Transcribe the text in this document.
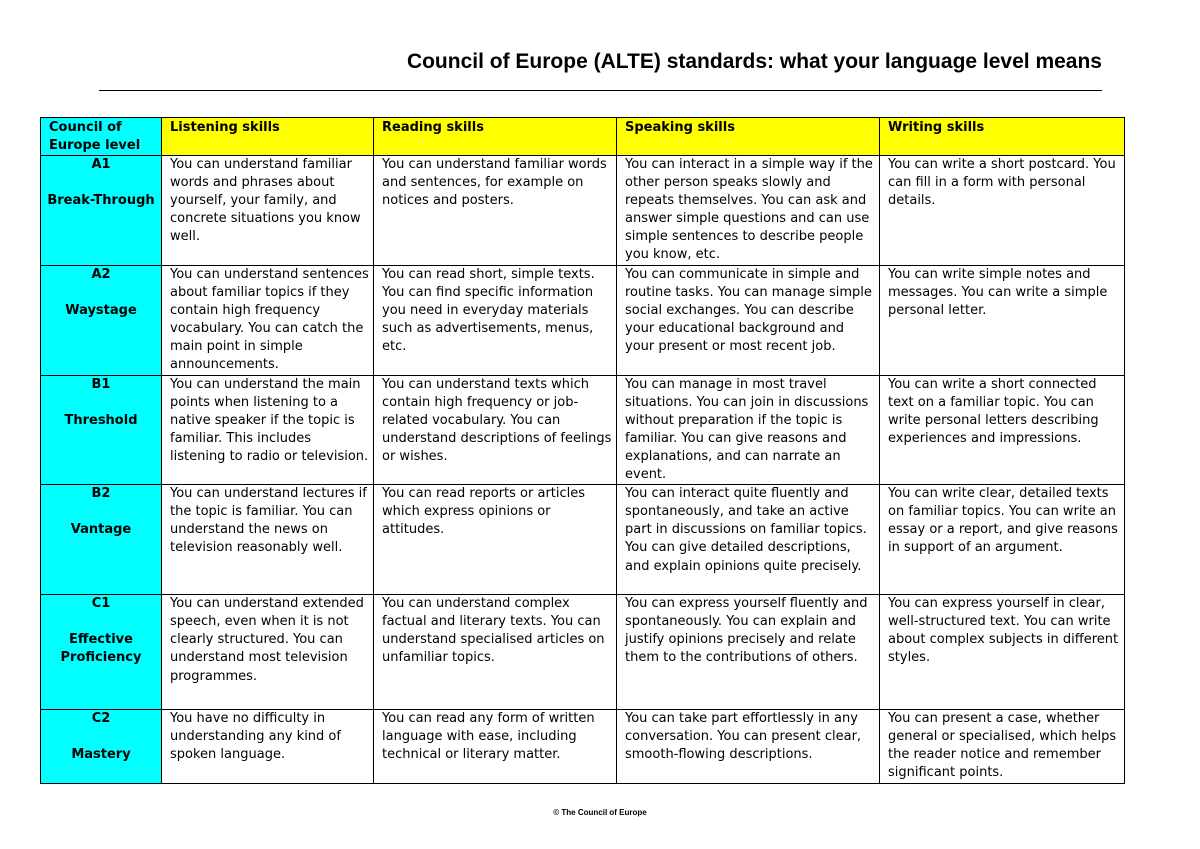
Council of Europe (ALTE) standards: what your language level means
Council of Europe level	Listening skills	Reading skills	Speaking skills	Writing skills

A1
Break-Through	You can understand familiar words and phrases about yourself, your family, and concrete situations you know well.	You can understand familiar words and sentences, for example on notices and posters.	You can interact in a simple way if the other person speaks slowly and repeats themselves. You can ask and answer simple questions and can use simple sentences to describe people you know, etc.	You can write a short postcard. You can fill in a form with personal details.

A2
Waystage	You can understand sentences about familiar topics if they contain high frequency vocabulary. You can catch the main point in simple announcements.	You can read short, simple texts. You can find specific information you need in everyday materials such as advertisements, menus, etc.	You can communicate in simple and routine tasks. You can manage simple social exchanges. You can describe your educational background and your present or most recent job.	You can write simple notes and messages. You can write a simple personal letter.

B1
Threshold	You can understand the main points when listening to a native speaker if the topic is familiar. This includes listening to radio or television.	You can understand texts which contain high frequency or job-related vocabulary. You can understand descriptions of feelings or wishes.	You can manage in most travel situations. You can join in discussions without preparation if the topic is familiar. You can give reasons and explanations, and can narrate an event.	You can write a short connected text on a familiar topic. You can write personal letters describing experiences and impressions.

B2
Vantage	You can understand lectures if the topic is familiar. You can understand the news on television reasonably well.	You can read reports or articles which express opinions or attitudes.	You can interact quite fluently and spontaneously, and take an active part in discussions on familiar topics. You can give detailed descriptions, and explain opinions quite precisely.	You can write clear, detailed texts on familiar topics. You can write an essay or a report, and give reasons in support of an argument.

C1
Effective Proficiency	You can understand extended speech, even when it is not clearly structured. You can understand most television programmes.	You can understand complex factual and literary texts. You can understand specialised articles on unfamiliar topics.	You can express yourself fluently and spontaneously. You can explain and justify opinions precisely and relate them to the contributions of others.	You can express yourself in clear, well-structured text. You can write about complex subjects in different styles.

C2
Mastery	You have no difficulty in understanding any kind of spoken language.	You can read any form of written language with ease, including technical or literary matter.	You can take part effortlessly in any conversation. You can present clear, smooth-flowing descriptions.	You can present a case, whether general or specialised, which helps the reader notice and remember significant points.
© The Council of Europe
